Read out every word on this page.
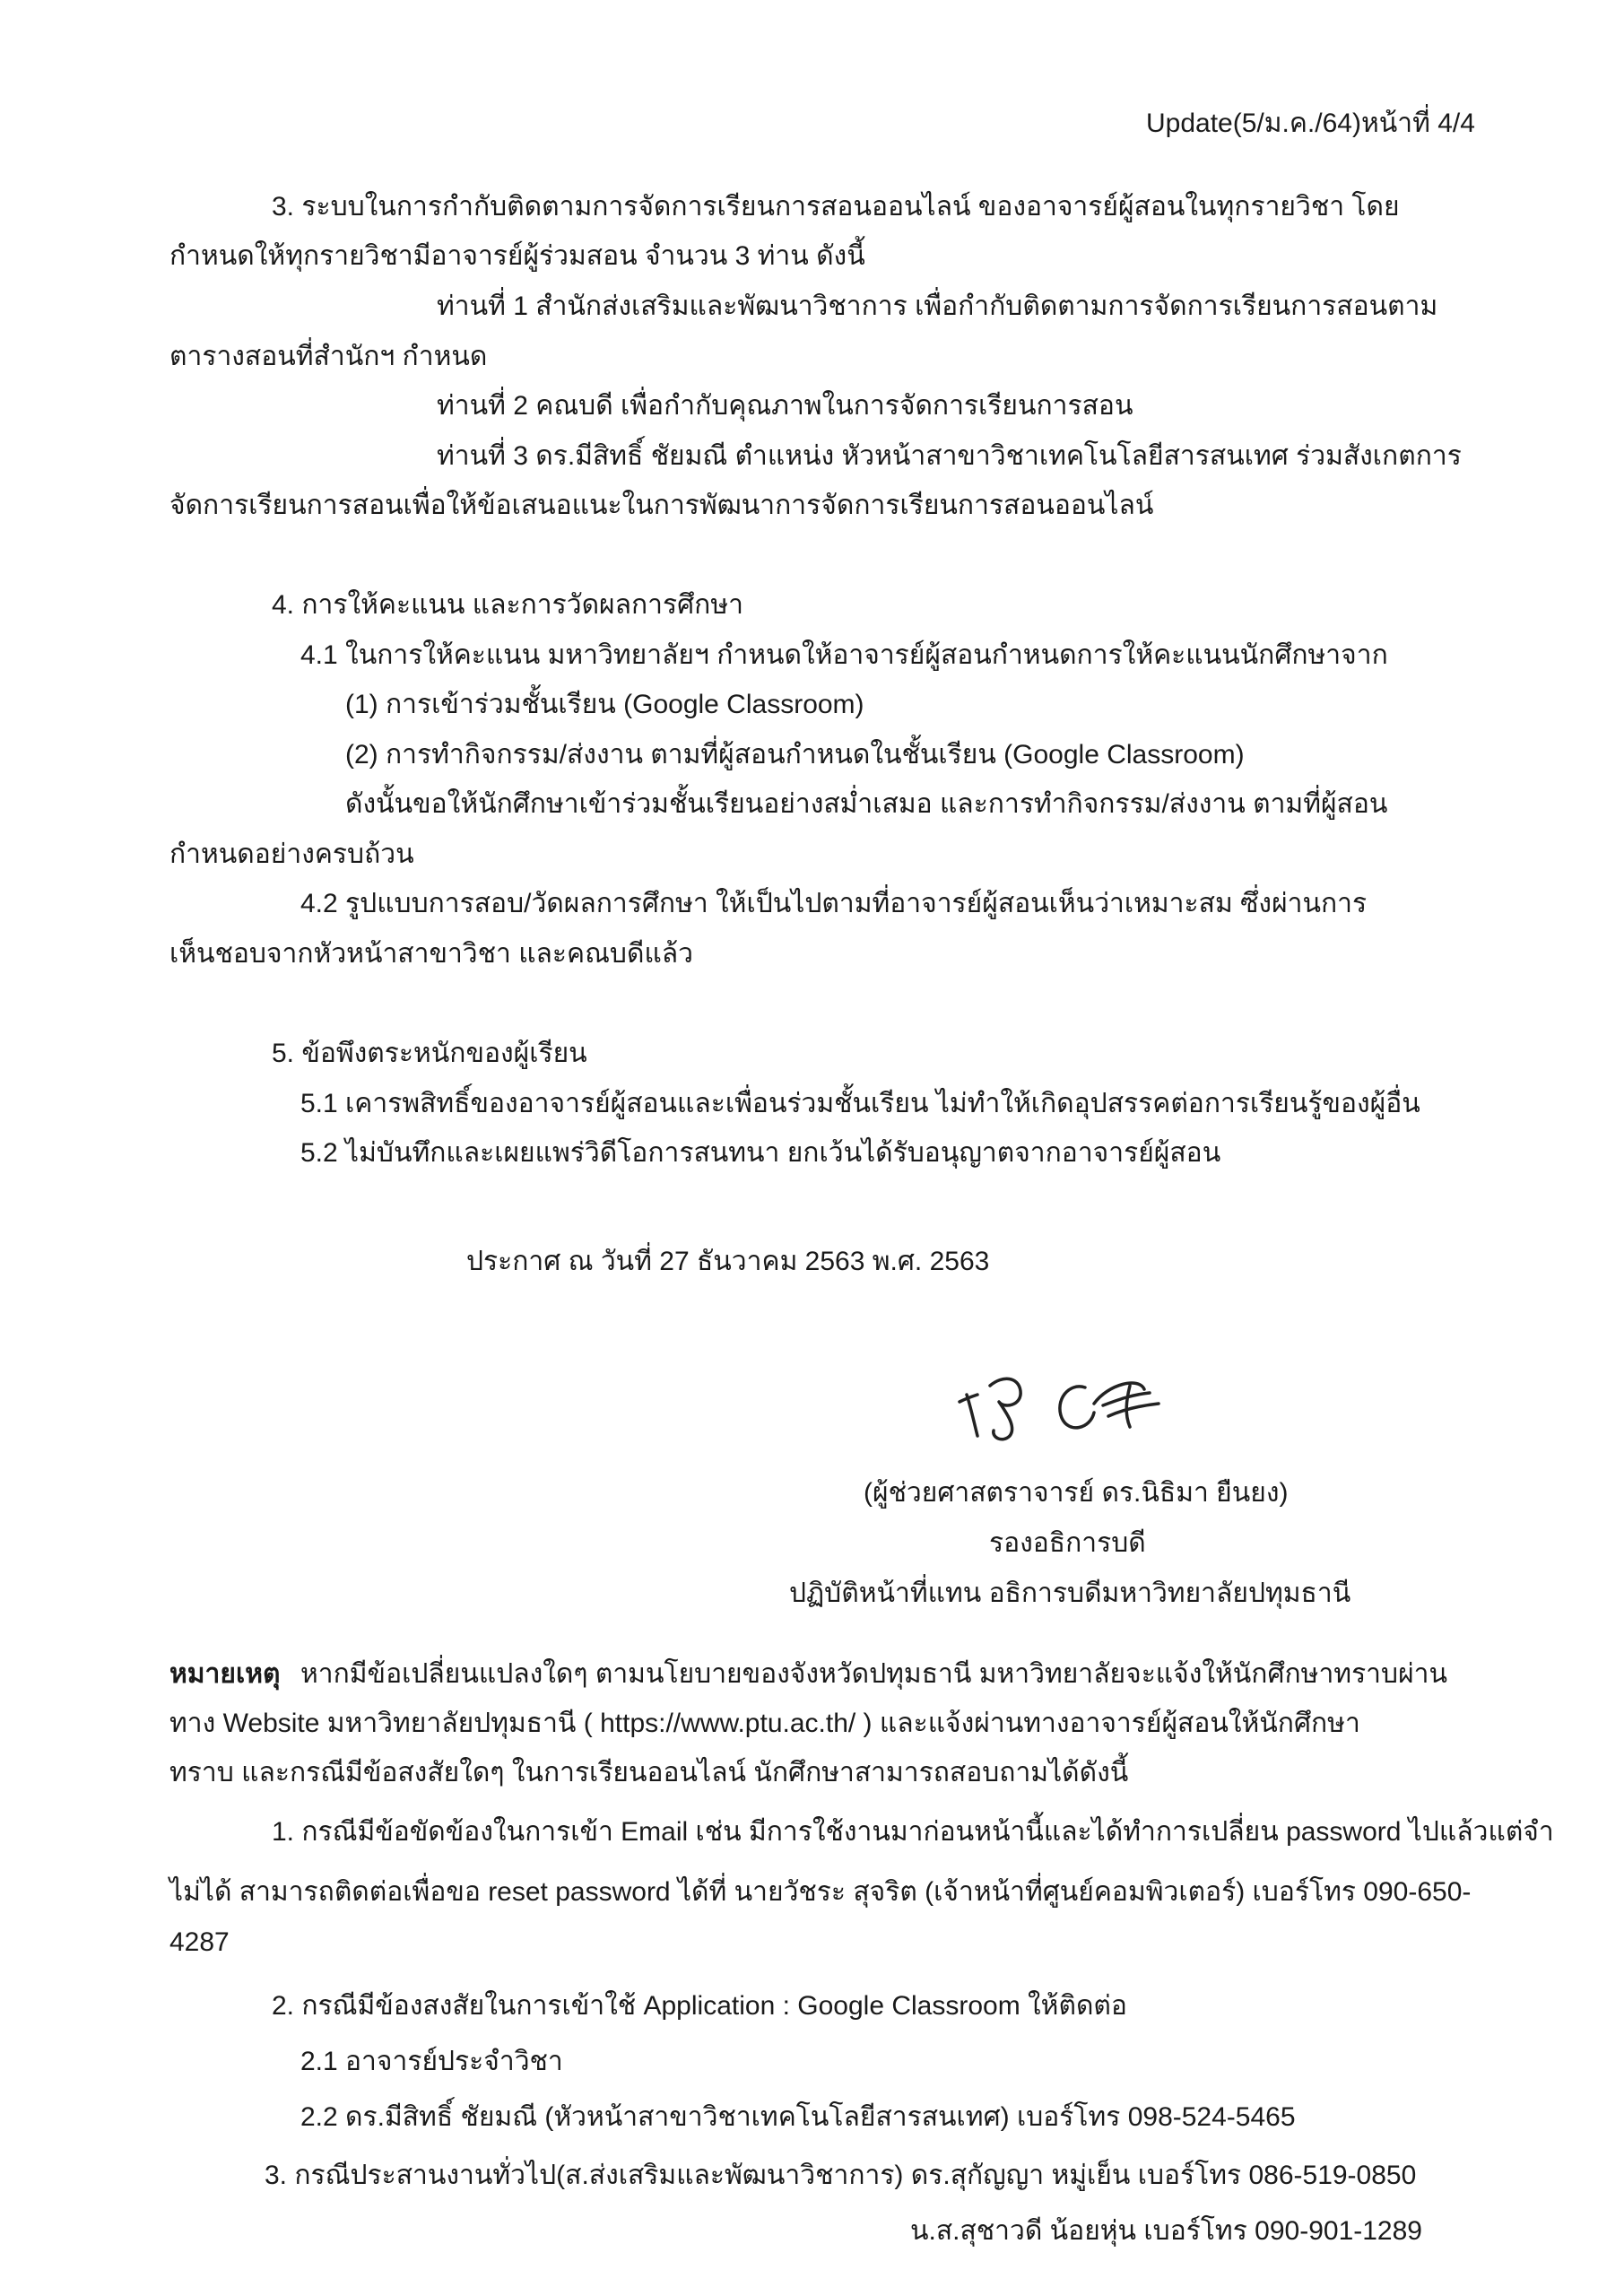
Update(5/ม.ค./64)หน้าที่ 4/4

3. ระบบในการกำกับติดตามการจัดการเรียนการสอนออนไลน์ ของอาจารย์ผู้สอนในทุกรายวิชา โดย

กำหนดให้ทุกรายวิชามีอาจารย์ผู้ร่วมสอน จำนวน 3 ท่าน ดังนี้

ท่านที่ 1 สำนักส่งเสริมและพัฒนาวิชาการ เพื่อกำกับติดตามการจัดการเรียนการสอนตาม

ตารางสอนที่สำนักฯ กำหนด

ท่านที่ 2 คณบดี เพื่อกำกับคุณภาพในการจัดการเรียนการสอน

ท่านที่ 3 ดร.มีสิทธิ์ ชัยมณี ตำแหน่ง หัวหน้าสาขาวิชาเทคโนโลยีสารสนเทศ ร่วมสังเกตการ

จัดการเรียนการสอนเพื่อให้ข้อเสนอแนะในการพัฒนาการจัดการเรียนการสอนออนไลน์

4. การให้คะแนน และการวัดผลการศึกษา

4.1 ในการให้คะแนน มหาวิทยาลัยฯ กำหนดให้อาจารย์ผู้สอนกำหนดการให้คะแนนนักศึกษาจาก

(1) การเข้าร่วมชั้นเรียน (Google Classroom)

(2) การทำกิจกรรม/ส่งงาน ตามที่ผู้สอนกำหนดในชั้นเรียน (Google Classroom)

ดังนั้นขอให้นักศึกษาเข้าร่วมชั้นเรียนอย่างสม่ำเสมอ และการทำกิจกรรม/ส่งงาน ตามที่ผู้สอน

กำหนดอย่างครบถ้วน

4.2 รูปแบบการสอบ/วัดผลการศึกษา ให้เป็นไปตามที่อาจารย์ผู้สอนเห็นว่าเหมาะสม ซึ่งผ่านการ

เห็นชอบจากหัวหน้าสาขาวิชา และคณบดีแล้ว

5. ข้อพึงตระหนักของผู้เรียน

5.1 เคารพสิทธิ์ของอาจารย์ผู้สอนและเพื่อนร่วมชั้นเรียน ไม่ทำให้เกิดอุปสรรคต่อการเรียนรู้ของผู้อื่น

5.2 ไม่บันทึกและเผยแพร่วิดีโอการสนทนา ยกเว้นได้รับอนุญาตจากอาจารย์ผู้สอน

ประกาศ ณ วันที่ 27 ธันวาคม 2563 พ.ศ. 2563

(ผู้ช่วยศาสตราจารย์ ดร.นิธิมา ยืนยง)

รองอธิการบดี

ปฏิบัติหน้าที่แทน อธิการบดีมหาวิทยาลัยปทุมธานี

หมายเหตุ หากมีข้อเปลี่ยนแปลงใดๆ ตามนโยบายของจังหวัดปทุมธานี มหาวิทยาลัยจะแจ้งให้นักศึกษาทราบผ่าน

ทาง Website มหาวิทยาลัยปทุมธานี ( https://www.ptu.ac.th/ ) และแจ้งผ่านทางอาจารย์ผู้สอนให้นักศึกษา

ทราบ และกรณีมีข้อสงสัยใดๆ ในการเรียนออนไลน์ นักศึกษาสามารถสอบถามได้ดังนี้

1. กรณีมีข้อขัดข้องในการเข้า Email เช่น มีการใช้งานมาก่อนหน้านี้และได้ทำการเปลี่ยน password ไปแล้วแต่จำ

ไม่ได้ สามารถติดต่อเพื่อขอ reset password ได้ที่ นายวัชระ สุจริต (เจ้าหน้าที่ศูนย์คอมพิวเตอร์) เบอร์โทร 090-650-

4287

2. กรณีมีข้องสงสัยในการเข้าใช้ Application : Google Classroom ให้ติดต่อ

2.1 อาจารย์ประจำวิชา

2.2 ดร.มีสิทธิ์ ชัยมณี (หัวหน้าสาขาวิชาเทคโนโลยีสารสนเทศ) เบอร์โทร 098-524-5465

3. กรณีประสานงานทั่วไป(ส.ส่งเสริมและพัฒนาวิชาการ) ดร.สุกัญญา หมู่เย็น เบอร์โทร 086-519-0850

น.ส.สุชาวดี น้อยหุ่น เบอร์โทร 090-901-1289
